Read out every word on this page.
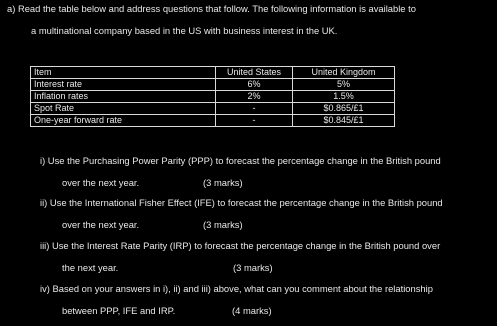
a) Read the table below and address questions that follow. The following information is available to
a multinational company based in the US with business interest in the UK.
Item	United States	United Kingdom
Interest rate	6%	5%
Inflation rates	2%	1.5%
Spot Rate	-	$0.865/£1
One-year forward rate	-	$0.845/£1
i) Use the Purchasing Power Parity (PPP) to forecast the percentage change in the British pound
over the next year.	(3 marks)
ii) Use the International Fisher Effect (IFE) to forecast the percentage change in the British pound
over the next year.	(3 marks)
iii) Use the Interest Rate Parity (IRP) to forecast the percentage change in the British pound over
the next year.	(3 marks)
iv) Based on your answers in i), ii) and iii) above, what can you comment about the relationship
between PPP, IFE and IRP.	(4 marks)
